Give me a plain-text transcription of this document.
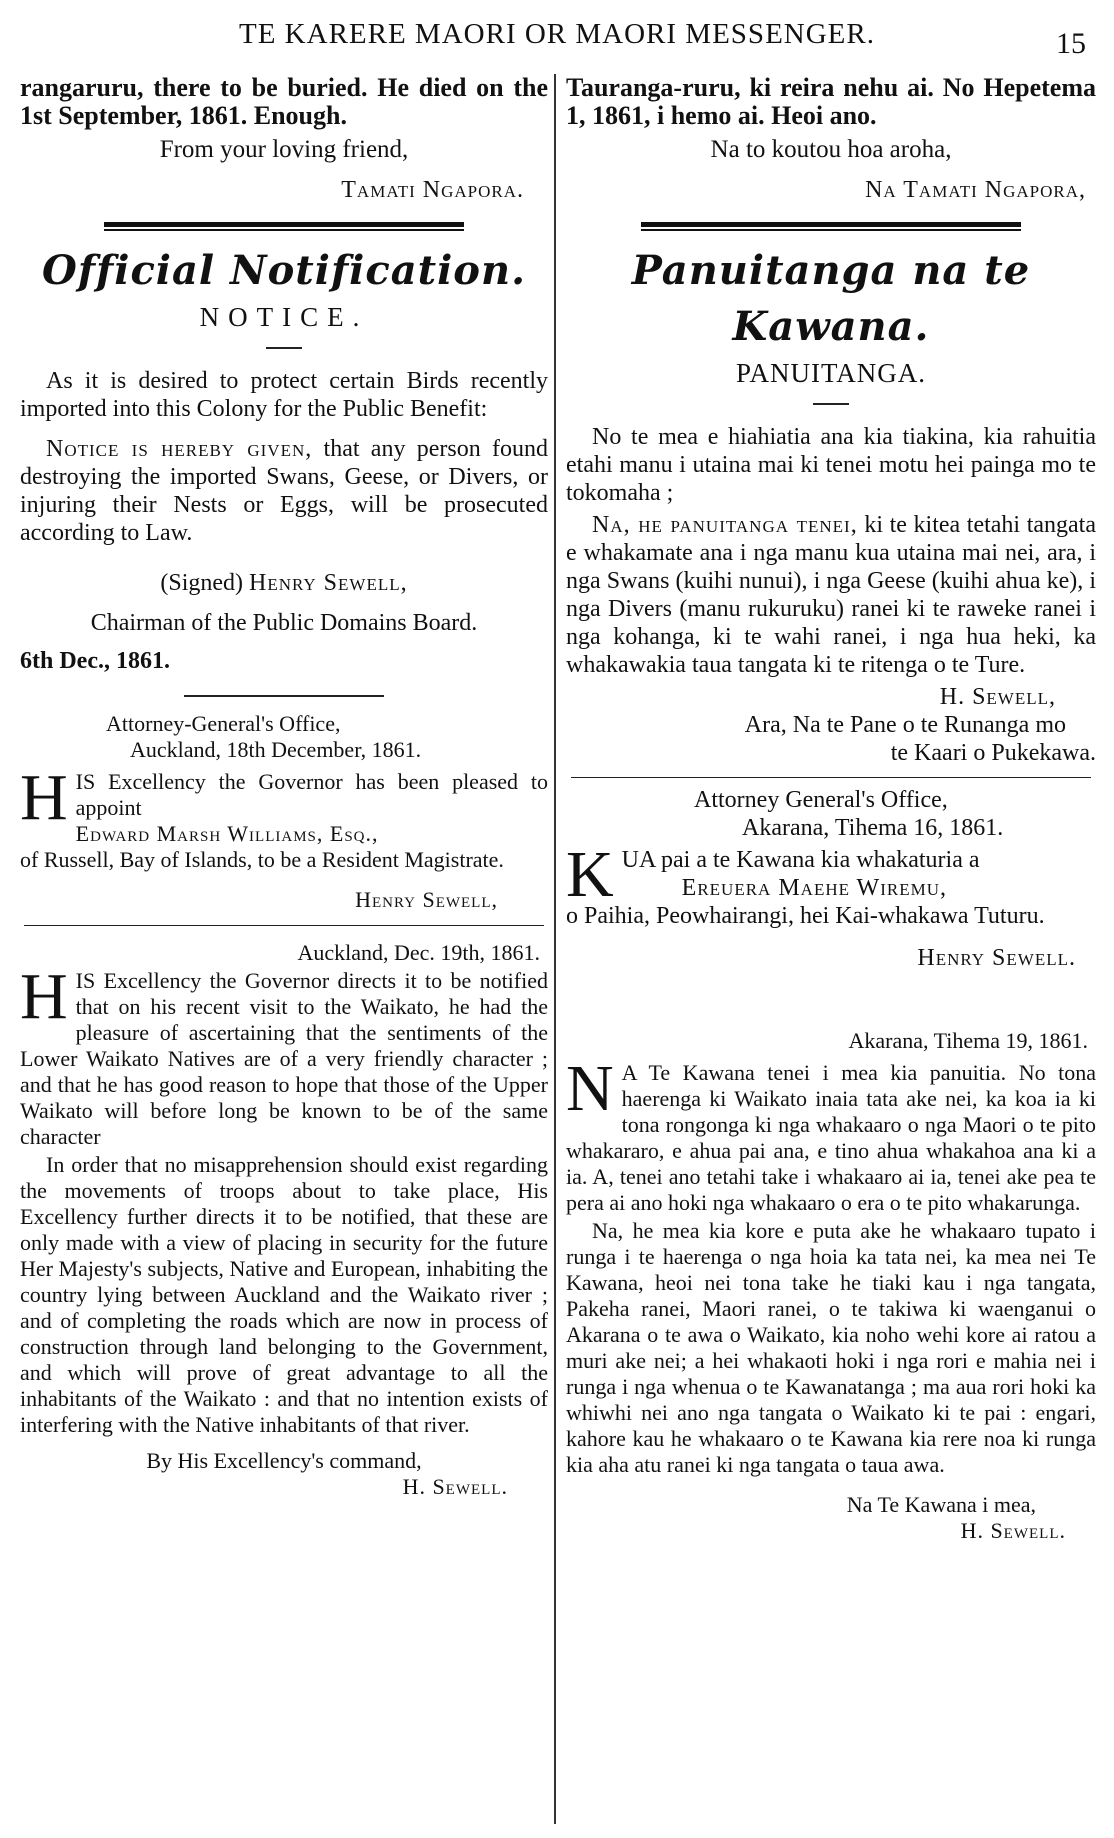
TE KARERE MAORI OR MAORI MESSENGER.	15

rangaruru, there to be buried. He died on the 1st September, 1861. Enough.

From your loving friend,

Tamati Ngapora.

Official Notification.

NOTICE.

As it is desired to protect certain Birds recently imported into this Colony for the Public Benefit:

Notice is hereby given, that any person found destroying the imported Swans, Geese, or Divers, or injuring their Nests or Eggs, will be prosecuted according to Law.

(Signed) Henry Sewell,

Chairman of the Public Domains Board.

6th Dec., 1861.

Attorney-General's Office,

Auckland, 18th December, 1861.

H IS Excellency the Governor has been pleased to appoint
Edward Marsh Williams, Esq.,
of Russell, Bay of Islands, to be a Resident Magistrate.

Henry Sewell,

Auckland, Dec. 19th, 1861.

H IS Excellency the Governor directs it to be notified that on his recent visit to the Waikato, he had the pleasure of ascertaining that the sentiments of the Lower Waikato Natives are of a very friendly character ; and that he has good reason to hope that those of the Upper Waikato will before long be known to be of the same character

In order that no misapprehension should exist regarding the movements of troops about to take place, His Excellency further directs it to be notified, that these are only made with a view of placing in security for the future Her Majesty's subjects, Native and European, inhabiting the country lying between Auckland and the Waikato river ; and of completing the roads which are now in process of construction through land belonging to the Government, and which will prove of great advantage to all the inhabitants of the Waikato : and that no intention exists of interfering with the Native inhabitants of that river.

By His Excellency's command,

H. Sewell.

Tauranga-ruru, ki reira nehu ai. No Hepetema 1, 1861, i hemo ai. Heoi ano.

Na to koutou hoa aroha,

Na Tamati Ngapora,

Panuitanga na te Kawana.

PANUITANGA.

No te mea e hiahiatia ana kia tiakina, kia rahuitia etahi manu i utaina mai ki tenei motu hei painga mo te tokomaha ;

Na, he panuitanga tenei, ki te kitea tetahi tangata e whakamate ana i nga manu kua utaina mai nei, ara, i nga Swans (kuihi nunui), i nga Geese (kuihi ahua ke), i nga Divers (manu rukuruku) ranei ki te raweke ranei i nga kohanga, ki te wahi ranei, i nga hua heki, ka whakawakia taua tangata ki te ritenga o te Ture.

H. Sewell,

Ara, Na te Pane o te Runanga mo

te Kaari o Pukekawa.

Attorney General's Office,

Akarana, Tihema 16, 1861.

K UA pai a te Kawana kia whakaturia a
Ereuera Maehe Wiremu,
o Paihia, Peowhairangi, hei Kai-whakawa Tuturu.

Henry Sewell.

Akarana, Tihema 19, 1861.

N A Te Kawana tenei i mea kia panuitia. No tona haerenga ki Waikato inaia tata ake nei, ka koa ia ki tona rongonga ki nga whakaaro o nga Maori o te pito whakararo, e ahua pai ana, e tino ahua whakahoa ana ki a ia. A, tenei ano tetahi take i whakaaro ai ia, tenei ake pea te pera ai ano hoki nga whakaaro o era o te pito whakarunga.

Na, he mea kia kore e puta ake he whakaaro tupato i runga i te haerenga o nga hoia ka tata nei, ka mea nei Te Kawana, heoi nei tona take he tiaki kau i nga tangata, Pakeha ranei, Maori ranei, o te takiwa ki waenganui o Akarana o te awa o Waikato, kia noho wehi kore ai ratou a muri ake nei; a hei whakaoti hoki i nga rori e mahia nei i runga i nga whenua o te Kawanatanga ; ma aua rori hoki ka whiwhi nei ano nga tangata o Waikato ki te pai : engari, kahore kau he whakaaro o te Kawana kia rere noa ki runga kia aha atu ranei ki nga tangata o taua awa.

Na Te Kawana i mea,

H. Sewell.
